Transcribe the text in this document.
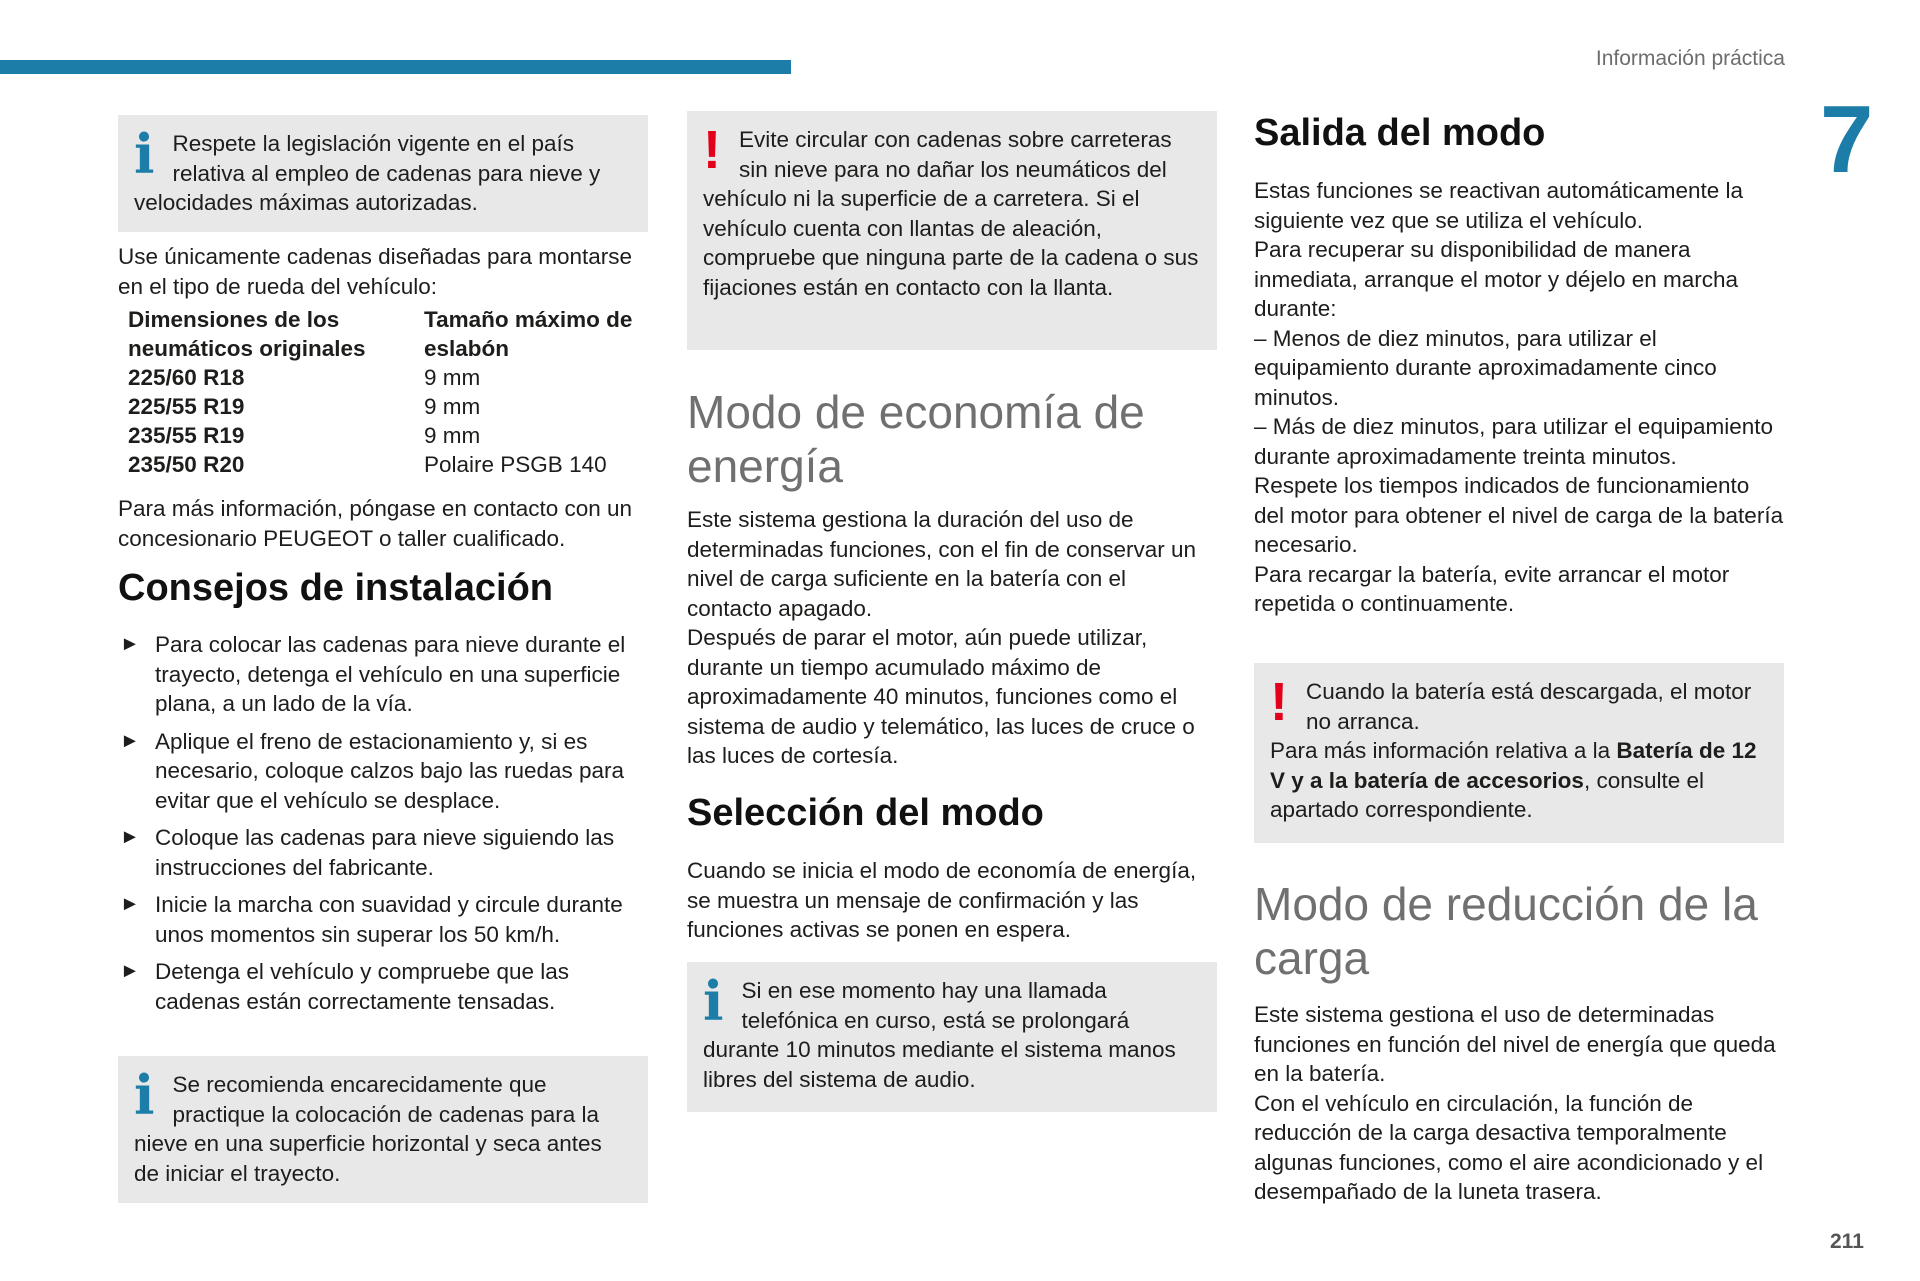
Información práctica
7
211
i Respete la legislación vigente en el país relativa al empleo de cadenas para nieve y velocidades máximas autorizadas.

Use únicamente cadenas diseñadas para montarse en el tipo de rueda del vehículo:

Dimensiones de los neumáticos originales	Tamaño máximo de eslabón
225/60 R18	9 mm
225/55 R19	9 mm
235/55 R19	9 mm
235/50 R20	Polaire PSGB 140

Para más información, póngase en contacto con un concesionario PEUGEOT o taller cualificado.

Consejos de instalación
► Para colocar las cadenas para nieve durante el trayecto, detenga el vehículo en una superficie plana, a un lado de la vía.
► Aplique el freno de estacionamiento y, si es necesario, coloque calzos bajo las ruedas para evitar que el vehículo se desplace.
► Coloque las cadenas para nieve siguiendo las instrucciones del fabricante.
► Inicie la marcha con suavidad y circule durante unos momentos sin superar los 50 km/h.
► Detenga el vehículo y compruebe que las cadenas están correctamente tensadas.
i Se recomienda encarecidamente que practique la colocación de cadenas para la nieve en una superficie horizontal y seca antes de iniciar el trayecto.

! Evite circular con cadenas sobre carreteras sin nieve para no dañar los neumáticos del vehículo ni la superficie de a carretera. Si el vehículo cuenta con llantas de aleación, compruebe que ninguna parte de la cadena o sus fijaciones están en contacto con la llanta.

Modo de economía de energía

Este sistema gestiona la duración del uso de determinadas funciones, con el fin de conservar un nivel de carga suficiente en la batería con el contacto apagado.

Después de parar el motor, aún puede utilizar, durante un tiempo acumulado máximo de aproximadamente 40 minutos, funciones como el sistema de audio y telemático, las luces de cruce o las luces de cortesía.

Selección del modo

Cuando se inicia el modo de economía de energía, se muestra un mensaje de confirmación y las funciones activas se ponen en espera.

i Si en ese momento hay una llamada telefónica en curso, está se prolongará durante 10 minutos mediante el sistema manos libres del sistema de audio.

Salida del modo

Estas funciones se reactivan automáticamente la siguiente vez que se utiliza el vehículo.

Para recuperar su disponibilidad de manera inmediata, arranque el motor y déjelo en marcha durante:

– Menos de diez minutos, para utilizar el equipamiento durante aproximadamente cinco minutos.

– Más de diez minutos, para utilizar el equipamiento durante aproximadamente treinta minutos.

Respete los tiempos indicados de funcionamiento del motor para obtener el nivel de carga de la batería necesario.

Para recargar la batería, evite arrancar el motor repetida o continuamente.

! Cuando la batería está descargada, el motor no arranca.

Para más información relativa a la Batería de 12 V y a la batería de accesorios, consulte el apartado correspondiente.

Modo de reducción de la carga

Este sistema gestiona el uso de determinadas funciones en función del nivel de energía que queda en la batería.

Con el vehículo en circulación, la función de reducción de la carga desactiva temporalmente algunas funciones, como el aire acondicionado y el desempañado de la luneta trasera.
